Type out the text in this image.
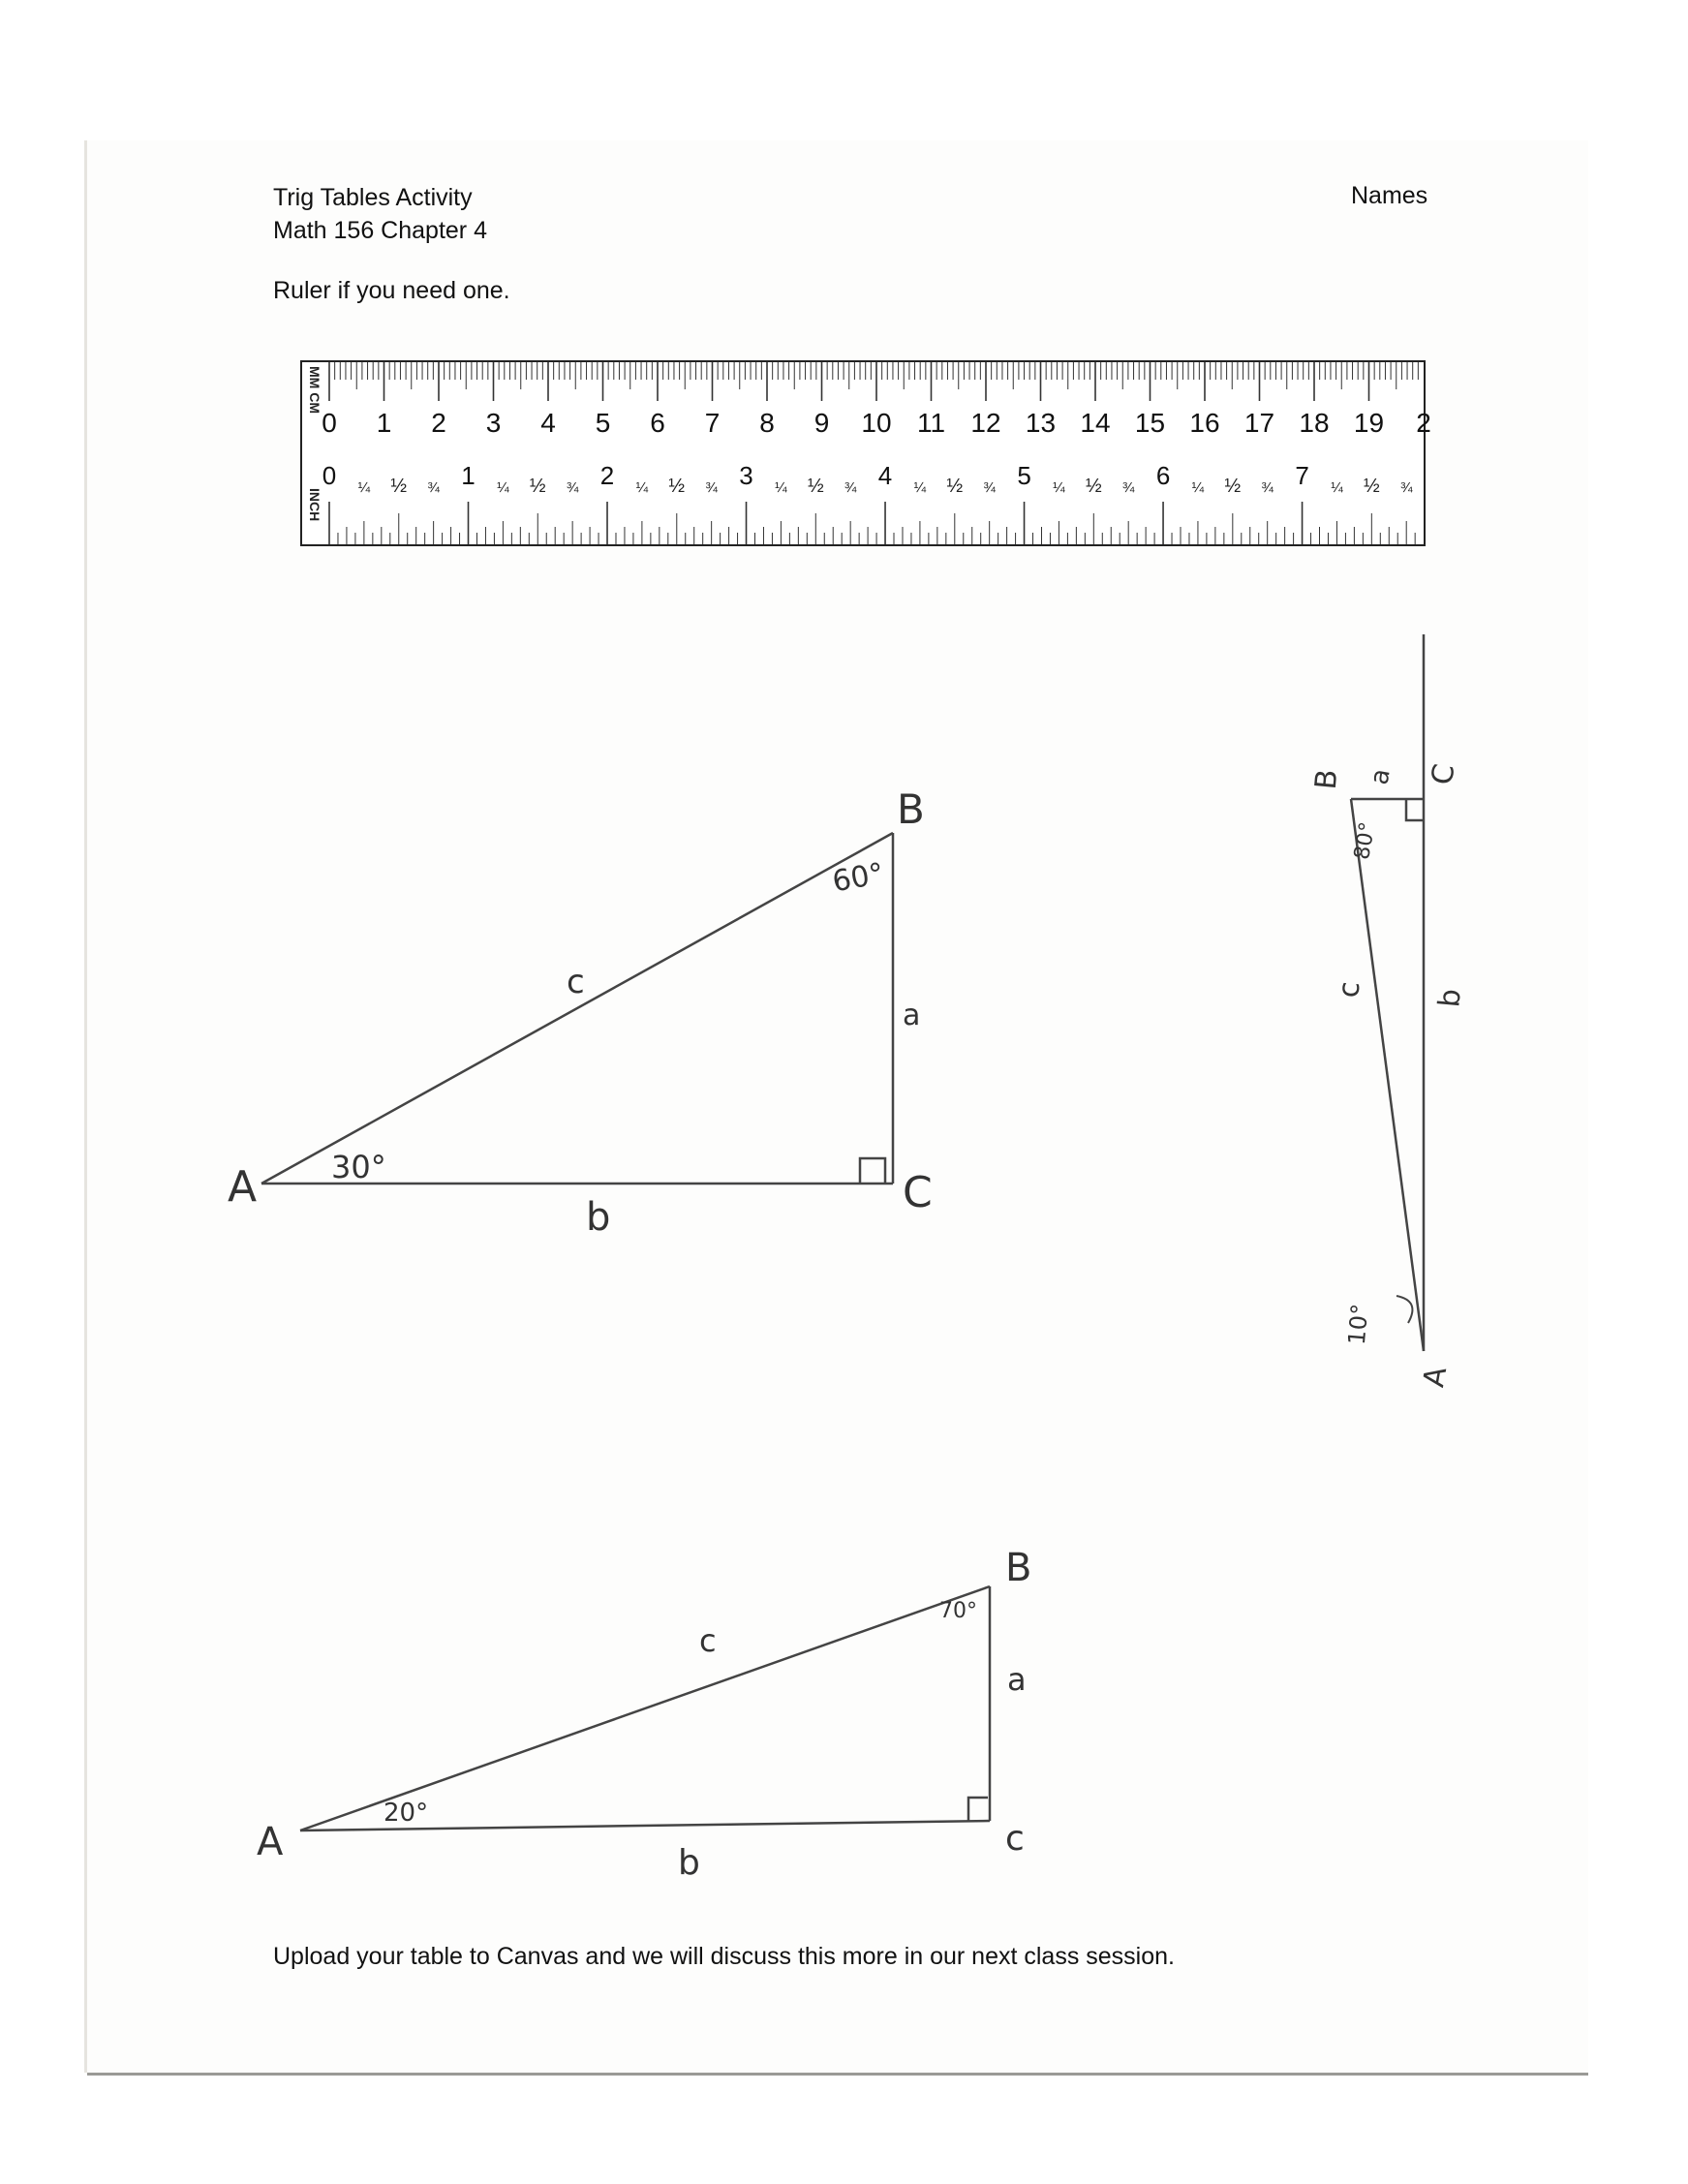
Trig Tables Activity
Math 156 Chapter 4
Names
Ruler if you need one.
0 1 2 3 4 5 6 7 8 9 10 11 12 13 14 15 16 17 18 19 2
0 ¼ ½ ¾ 1 ¼ ½ ¾ 2 ¼ ½ ¾ 3 ¼ ½ ¾ 4 ¼ ½ ¾ 5 ¼ ½ ¾ 6 ¼ ½ ¾ 7 ¼ ½ ¾
MM CM
INCH
A
B
C
a
b
c
30°
60°
B	C
a
b
c
10°
80°
A
A
B
c
a
b
c
20°
70°
Upload your table to Canvas and we will discuss this more in our next class session.
